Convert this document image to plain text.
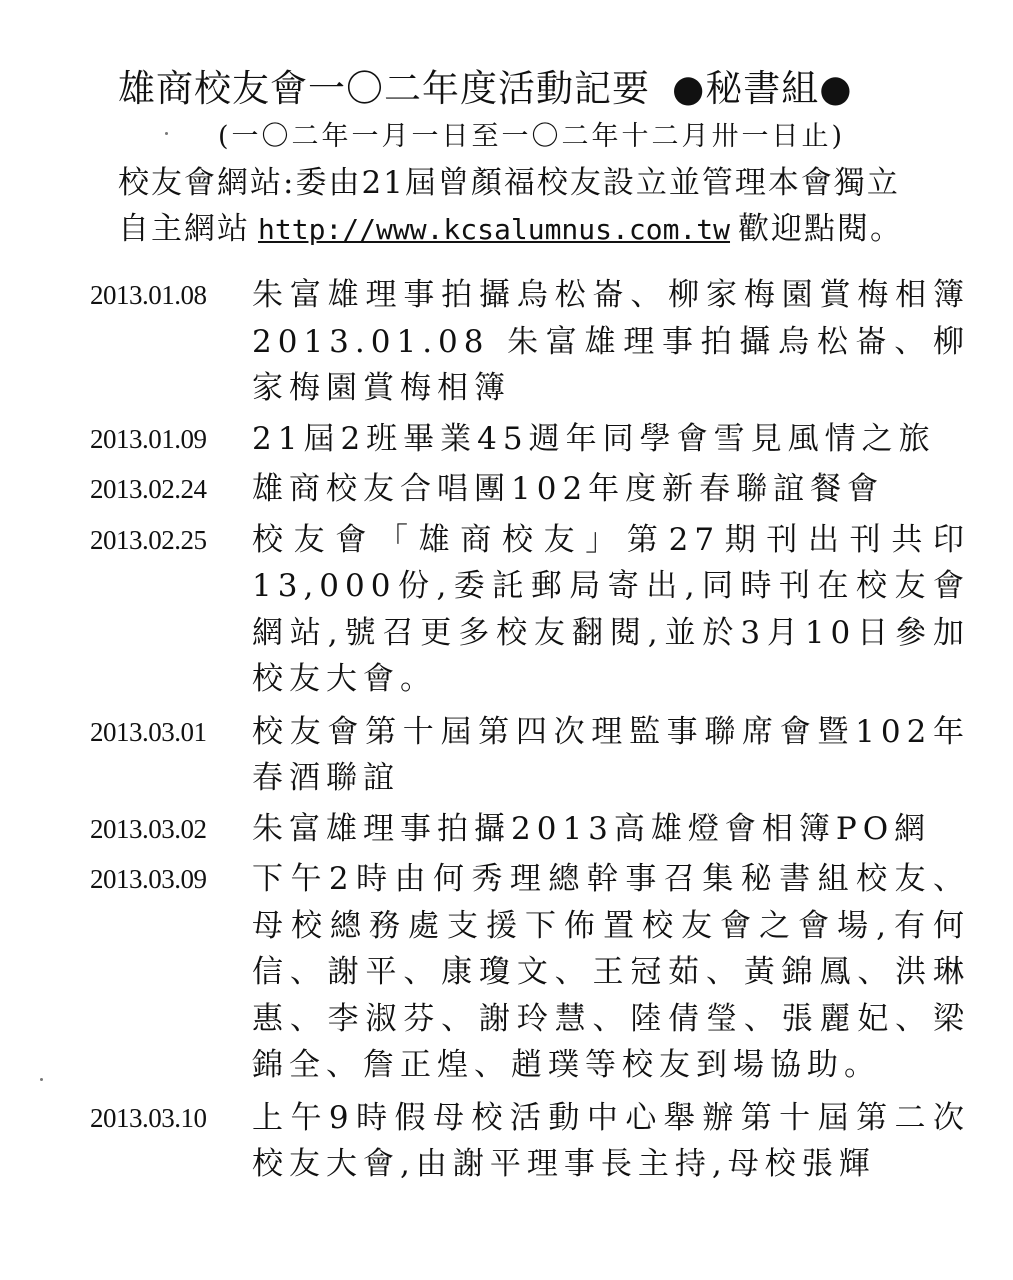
雄商校友會一〇二年度活動記要 ●秘書組●
(一〇二年一月一日至一〇二年十二月卅一日止)
校友會網站:委由21屆曾顏福校友設立並管理本會獨立
自主網站 http://www.kcsalumnus.com.tw 歡迎點閱。
2013.01.08	朱富雄理事拍攝烏松崙、柳家梅園賞梅相簿2013.01.08 朱富雄理事拍攝烏松崙、柳家梅園賞梅相簿
2013.01.09	21屆2班畢業45週年同學會雪見風情之旅
2013.02.24	雄商校友合唱團102年度新春聯誼餐會
2013.02.25	校友會「雄商校友」第27期刊出刊共印13,000份,委託郵局寄出,同時刊在校友會網站,號召更多校友翻閱,並於3月10日參加校友大會。
2013.03.01	校友會第十屆第四次理監事聯席會暨102年春酒聯誼
2013.03.02	朱富雄理事拍攝2013高雄燈會相簿PO網
2013.03.09	下午2時由何秀理總幹事召集秘書組校友、母校總務處支援下佈置校友會之會場,有何信、謝平、康瓊文、王冠茹、黃錦鳳、洪琳惠、李淑芬、謝玲慧、陸倩瑩、張麗妃、梁錦全、詹正煌、趙璞等校友到場協助。
2013.03.10	上午9時假母校活動中心舉辦第十屆第二次校友大會,由謝平理事長主持,母校張輝
